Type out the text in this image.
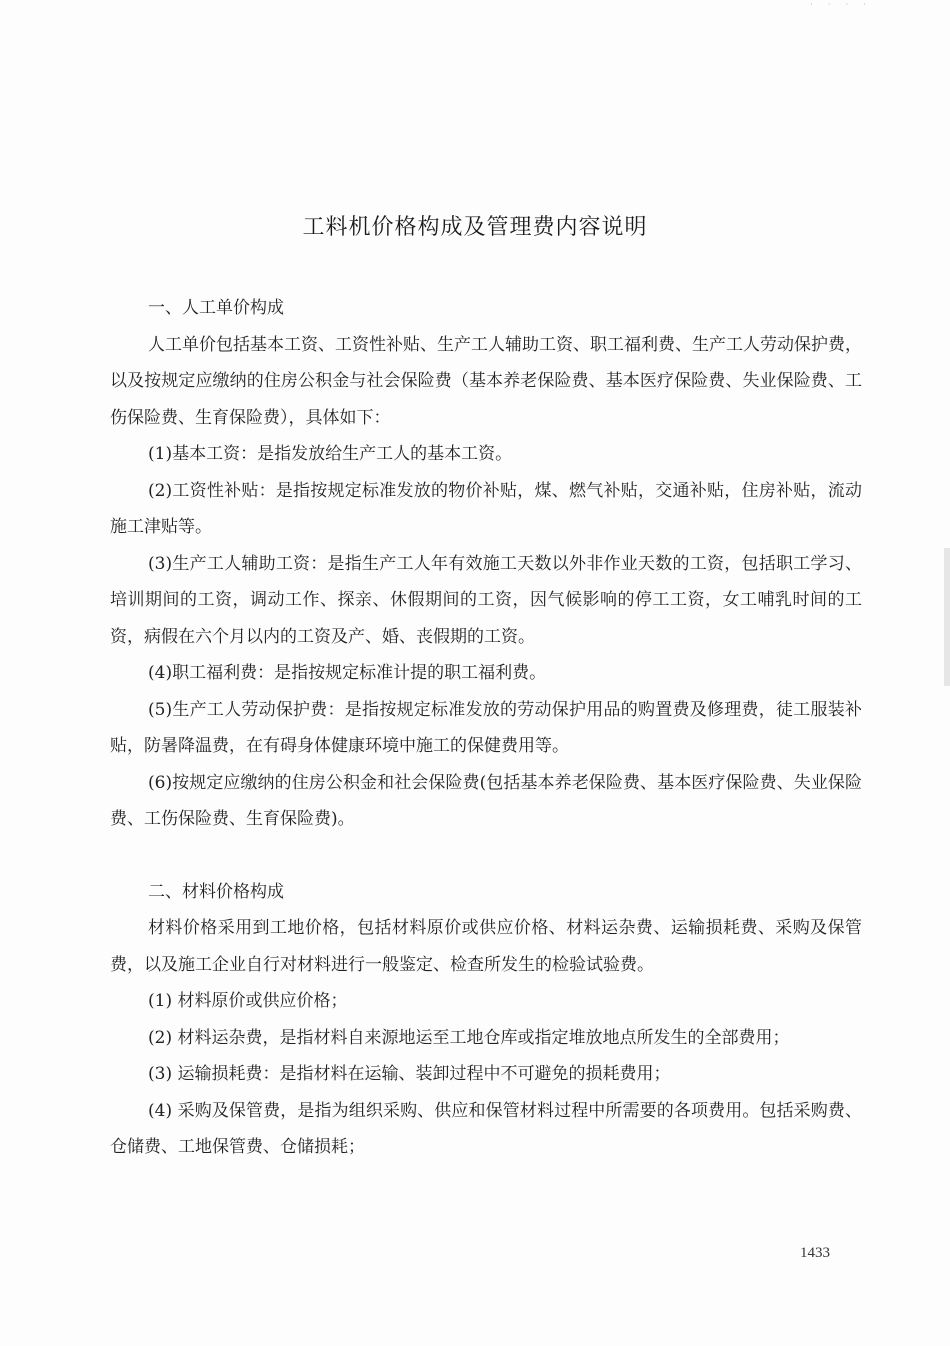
· · · ·
工料机价格构成及管理费内容说明
一、人工单价构成

人工单价包括基本工资、工资性补贴、生产工人辅助工资、职工福利费、生产工人劳动保护费，以及按规定应缴纳的住房公积金与社会保险费（基本养老保险费、基本医疗保险费、失业保险费、工伤保险费、生育保险费），具体如下：

(1)基本工资：是指发放给生产工人的基本工资。

(2)工资性补贴：是指按规定标准发放的物价补贴，煤、燃气补贴，交通补贴，住房补贴，流动施工津贴等。

(3)生产工人辅助工资：是指生产工人年有效施工天数以外非作业天数的工资，包括职工学习、培训期间的工资，调动工作、探亲、休假期间的工资，因气候影响的停工工资，女工哺乳时间的工资，病假在六个月以内的工资及产、婚、丧假期的工资。

(4)职工福利费：是指按规定标准计提的职工福利费。

(5)生产工人劳动保护费：是指按规定标准发放的劳动保护用品的购置费及修理费，徒工服装补贴，防暑降温费，在有碍身体健康环境中施工的保健费用等。

(6)按规定应缴纳的住房公积金和社会保险费(包括基本养老保险费、基本医疗保险费、失业保险费、工伤保险费、生育保险费)。

二、材料价格构成

材料价格采用到工地价格，包括材料原价或供应价格、材料运杂费、运输损耗费、采购及保管费，以及施工企业自行对材料进行一般鉴定、检查所发生的检验试验费。

(1) 材料原价或供应价格；

(2) 材料运杂费，是指材料自来源地运至工地仓库或指定堆放地点所发生的全部费用；

(3) 运输损耗费：是指材料在运输、装卸过程中不可避免的损耗费用；

(4) 采购及保管费，是指为组织采购、供应和保管材料过程中所需要的各项费用。包括采购费、仓储费、工地保管费、仓储损耗；

1433
